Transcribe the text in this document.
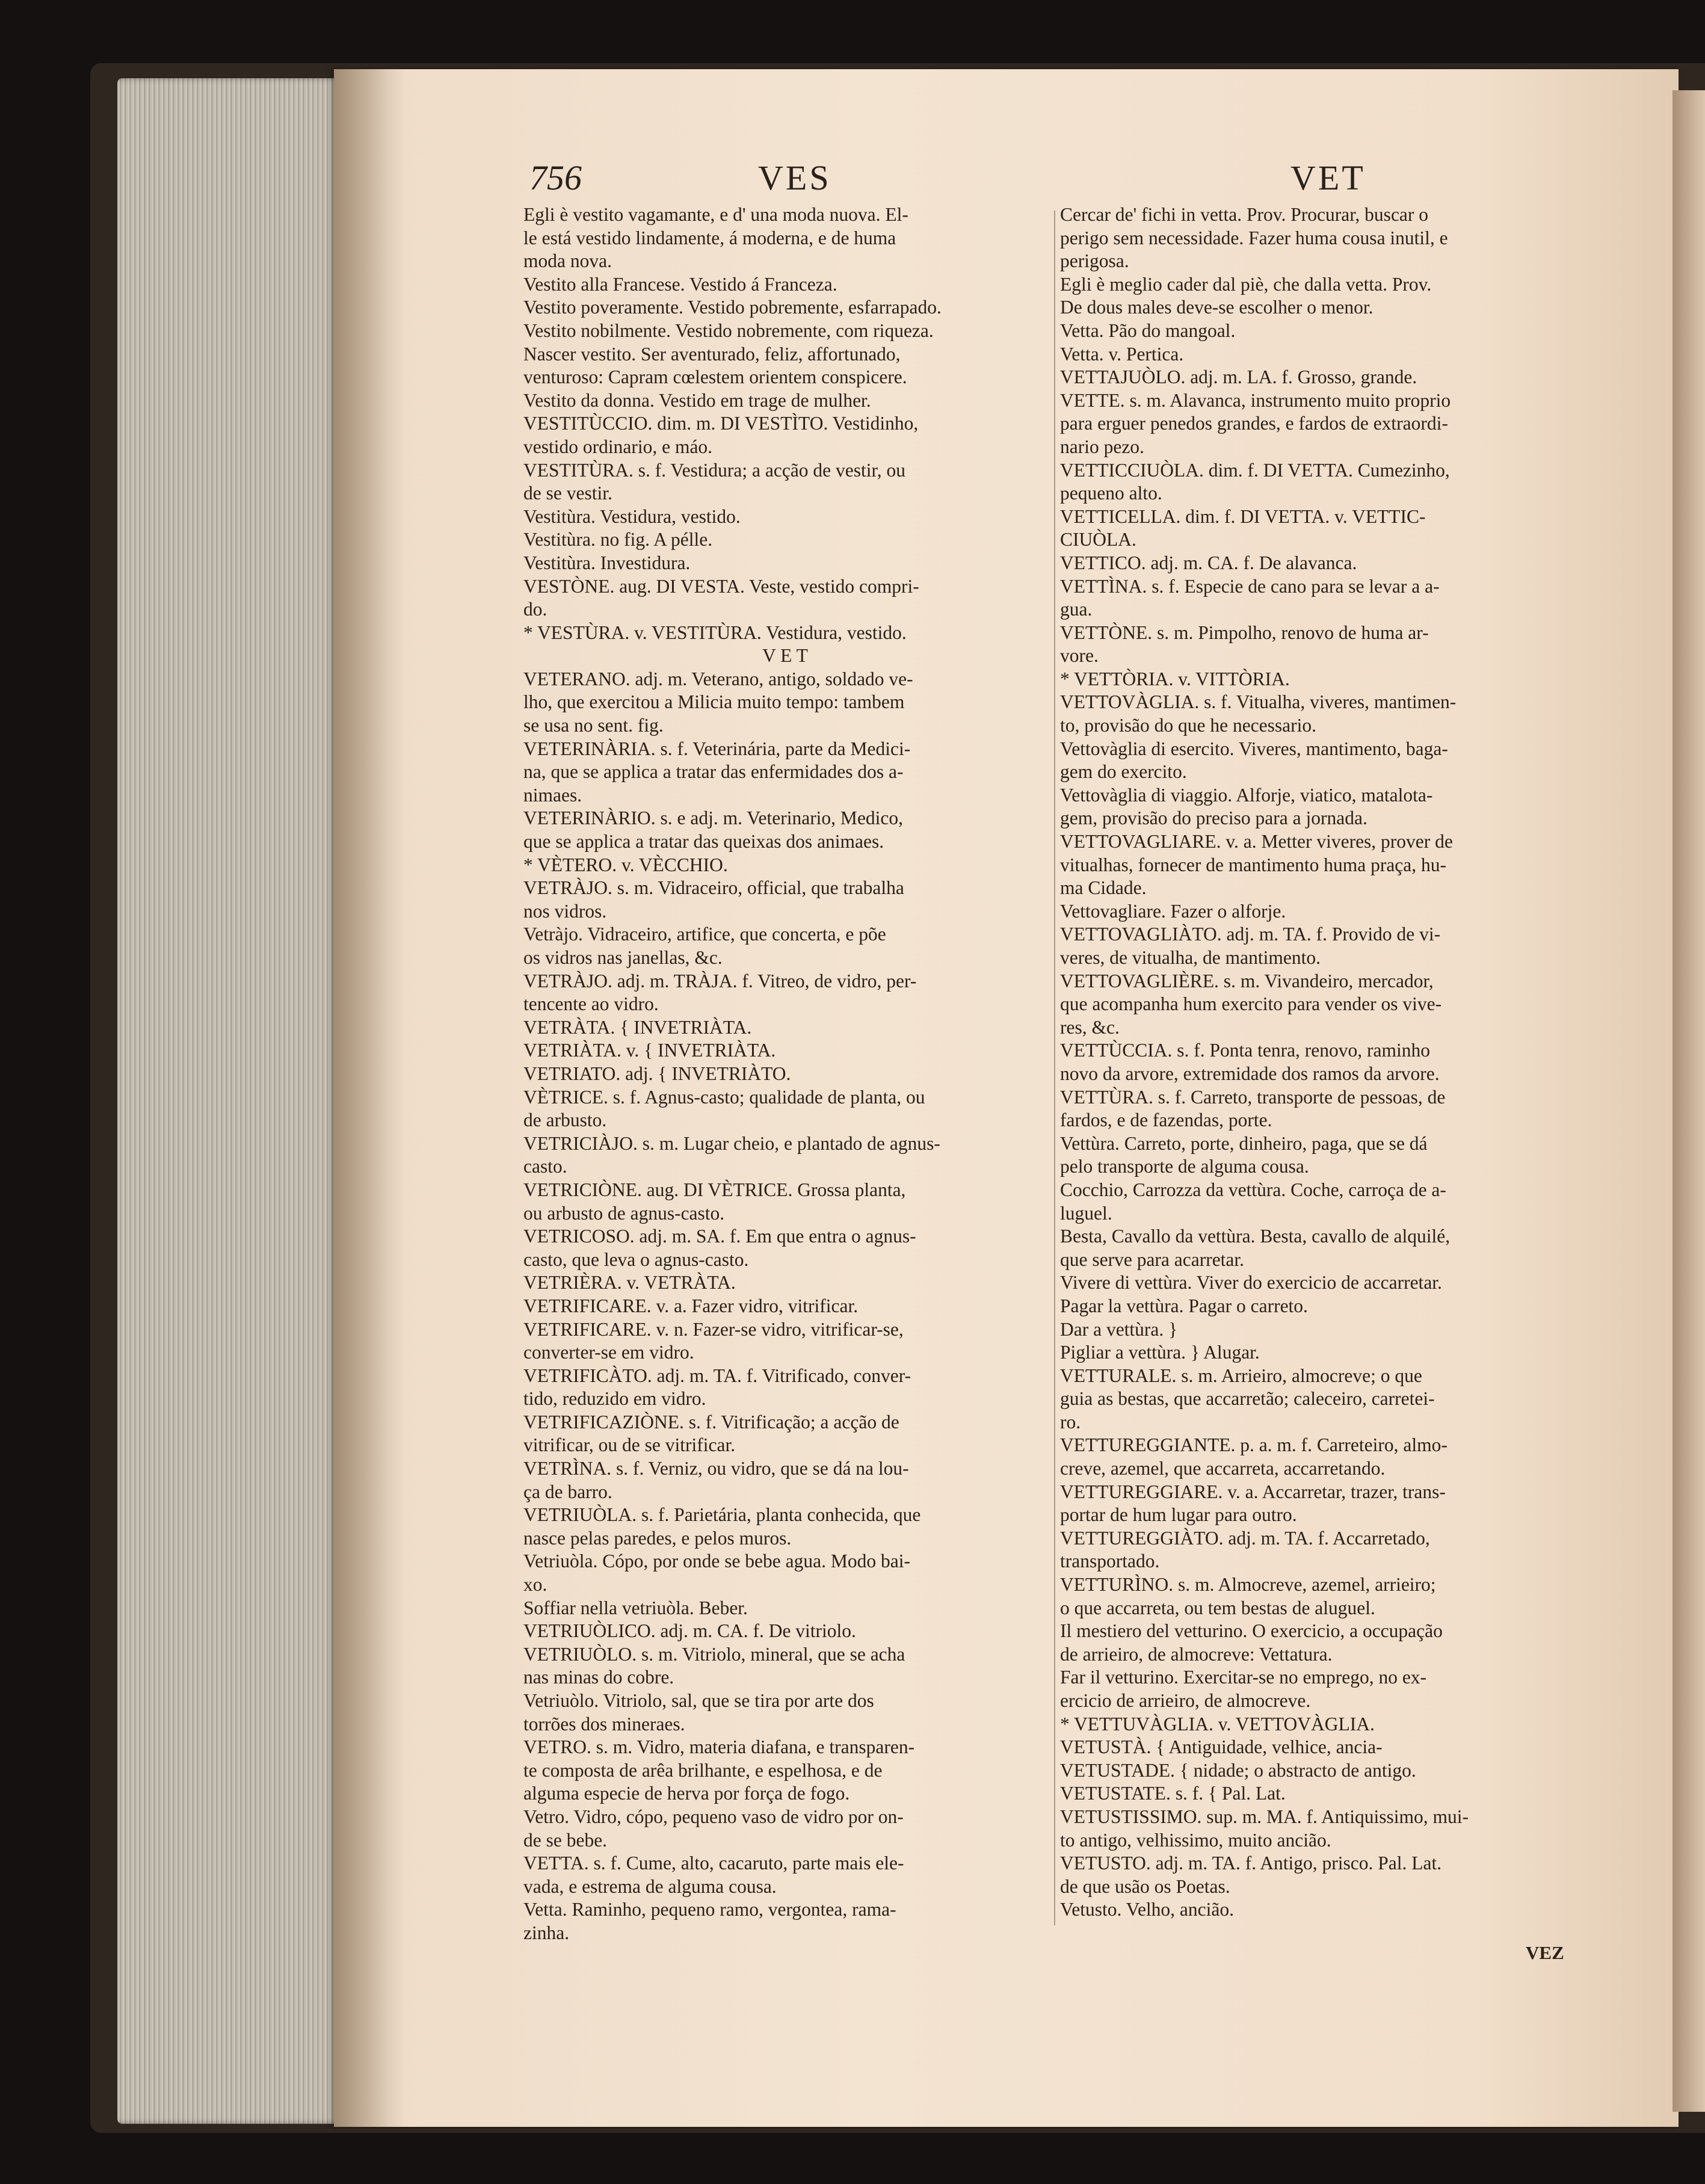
756	VES	VET
Egli è vestito vagamante, e d' una moda nuova. El-
le está vestido lindamente, á moderna, e de huma
moda nova.
Vestito alla Francese. Vestido á Franceza.
Vestito poveramente. Vestido pobremente, esfarrapado.
Vestito nobilmente. Vestido nobremente, com riqueza.
Nascer vestito. Ser aventurado, feliz, affortunado,
venturoso: Capram cœlestem orientem conspicere.
Vestito da donna. Vestido em trage de mulher.
VESTITÙCCIO. dim. m. DI VESTÌTO. Vestidinho,
vestido ordinario, e máo.
VESTITÙRA. s. f. Vestidura; a acção de vestir, ou
de se vestir.
Vestitùra. Vestidura, vestido.
Vestitùra. no fig. A pélle.
Vestitùra. Investidura.
VESTÒNE. aug. DI VESTA. Veste, vestido compri-
do.
* VESTÙRA. v. VESTITÙRA. Vestidura, vestido.
V E T
VETERANO. adj. m. Veterano, antigo, soldado ve-
lho, que exercitou a Milicia muito tempo: tambem
se usa no sent. fig.
VETERINÀRIA. s. f. Veterinária, parte da Medici-
na, que se applica a tratar das enfermidades dos a-
nimaes.
VETERINÀRIO. s. e adj. m. Veterinario, Medico,
que se applica a tratar das queixas dos animaes.
* VÈTERO. v. VÈCCHIO.
VETRÀJO. s. m. Vidraceiro, official, que trabalha
nos vidros.
Vetràjo. Vidraceiro, artifice, que concerta, e põe
os vidros nas janellas, &c.
VETRÀJO. adj. m. TRÀJA. f. Vitreo, de vidro, per-
tencente ao vidro.
VETRÀTA. { INVETRIÀTA.
VETRIÀTA. v. { INVETRIÀTA.
VETRIATO. adj. { INVETRIÀTO.
VÈTRICE. s. f. Agnus-casto; qualidade de planta, ou
de arbusto.
VETRICIÀJO. s. m. Lugar cheio, e plantado de agnus-
casto.
VETRICIÒNE. aug. DI VÈTRICE. Grossa planta,
ou arbusto de agnus-casto.
VETRICOSO. adj. m. SA. f. Em que entra o agnus-
casto, que leva o agnus-casto.
VETRIÈRA. v. VETRÀTA.
VETRIFICARE. v. a. Fazer vidro, vitrificar.
VETRIFICARE. v. n. Fazer-se vidro, vitrificar-se,
converter-se em vidro.
VETRIFICÀTO. adj. m. TA. f. Vitrificado, conver-
tido, reduzido em vidro.
VETRIFICAZIÒNE. s. f. Vitrificação; a acção de
vitrificar, ou de se vitrificar.
VETRÌNA. s. f. Verniz, ou vidro, que se dá na lou-
ça de barro.
VETRIUÒLA. s. f. Parietária, planta conhecida, que
nasce pelas paredes, e pelos muros.
Vetriuòla. Cópo, por onde se bebe agua. Modo bai-
xo.
Soffiar nella vetriuòla. Beber.
VETRIUÒLICO. adj. m. CA. f. De vitriolo.
VETRIUÒLO. s. m. Vitriolo, mineral, que se acha
nas minas do cobre.
Vetriuòlo. Vitriolo, sal, que se tira por arte dos
torrões dos mineraes.
VETRO. s. m. Vidro, materia diafana, e transparen-
te composta de arêa brilhante, e espelhosa, e de
alguma especie de herva por força de fogo.
Vetro. Vidro, cópo, pequeno vaso de vidro por on-
de se bebe.
VETTA. s. f. Cume, alto, cacaruto, parte mais ele-
vada, e estrema de alguma cousa.
Vetta. Raminho, pequeno ramo, vergontea, rama-
zinha.
Cercar de' fichi in vetta. Prov. Procurar, buscar o
perigo sem necessidade. Fazer huma cousa inutil, e
perigosa.
Egli è meglio cader dal piè, che dalla vetta. Prov.
De dous males deve-se escolher o menor.
Vetta. Pão do mangoal.
Vetta. v. Pertica.
VETTAJUÒLO. adj. m. LA. f. Grosso, grande.
VETTE. s. m. Alavanca, instrumento muito proprio
para erguer penedos grandes, e fardos de extraordi-
nario pezo.
VETTICCIUÒLA. dim. f. DI VETTA. Cumezinho,
pequeno alto.
VETTICELLA. dim. f. DI VETTA. v. VETTIC-
CIUÒLA.
VETTICO. adj. m. CA. f. De alavanca.
VETTÌNA. s. f. Especie de cano para se levar a a-
gua.
VETTÒNE. s. m. Pimpolho, renovo de huma ar-
vore.
* VETTÒRIA. v. VITTÒRIA.
VETTOVÀGLIA. s. f. Vitualha, viveres, mantimen-
to, provisão do que he necessario.
Vettovàglia di esercito. Viveres, mantimento, baga-
gem do exercito.
Vettovàglia di viaggio. Alforje, viatico, matalota-
gem, provisão do preciso para a jornada.
VETTOVAGLIARE. v. a. Metter viveres, prover de
vitualhas, fornecer de mantimento huma praça, hu-
ma Cidade.
Vettovagliare. Fazer o alforje.
VETTOVAGLIÀTO. adj. m. TA. f. Provido de vi-
veres, de vitualha, de mantimento.
VETTOVAGLIÈRE. s. m. Vivandeiro, mercador,
que acompanha hum exercito para vender os vive-
res, &c.
VETTÙCCIA. s. f. Ponta tenra, renovo, raminho
novo da arvore, extremidade dos ramos da arvore.
VETTÙRA. s. f. Carreto, transporte de pessoas, de
fardos, e de fazendas, porte.
Vettùra. Carreto, porte, dinheiro, paga, que se dá
pelo transporte de alguma cousa.
Cocchio, Carrozza da vettùra. Coche, carroça de a-
luguel.
Besta, Cavallo da vettùra. Besta, cavallo de alquilé,
que serve para acarretar.
Vivere di vettùra. Viver do exercicio de accarretar.
Pagar la vettùra. Pagar o carreto.
Dar a vettùra. }
Pigliar a vettùra. } Alugar.
VETTURALE. s. m. Arrieiro, almocreve; o que
guia as bestas, que accarretão; caleceiro, carretei-
ro.
VETTUREGGIANTE. p. a. m. f. Carreteiro, almo-
creve, azemel, que accarreta, accarretando.
VETTUREGGIARE. v. a. Accarretar, trazer, trans-
portar de hum lugar para outro.
VETTUREGGIÀTO. adj. m. TA. f. Accarretado,
transportado.
VETTURÌNO. s. m. Almocreve, azemel, arrieiro;
o que accarreta, ou tem bestas de aluguel.
Il mestiero del vetturino. O exercicio, a occupação
de arrieiro, de almocreve: Vettatura.
Far il vetturino. Exercitar-se no emprego, no ex-
ercicio de arrieiro, de almocreve.
* VETTUVÀGLIA. v. VETTOVÀGLIA.
VETUSTÀ. { Antiguidade, velhice, ancia-
VETUSTADE. { nidade; o abstracto de antigo.
VETUSTATE. s. f. { Pal. Lat.
VETUSTISSIMO. sup. m. MA. f. Antiquissimo, mui-
to antigo, velhissimo, muito ancião.
VETUSTO. adj. m. TA. f. Antigo, prisco. Pal. Lat.
de que usão os Poetas.
Vetusto. Velho, ancião.
VEZ
